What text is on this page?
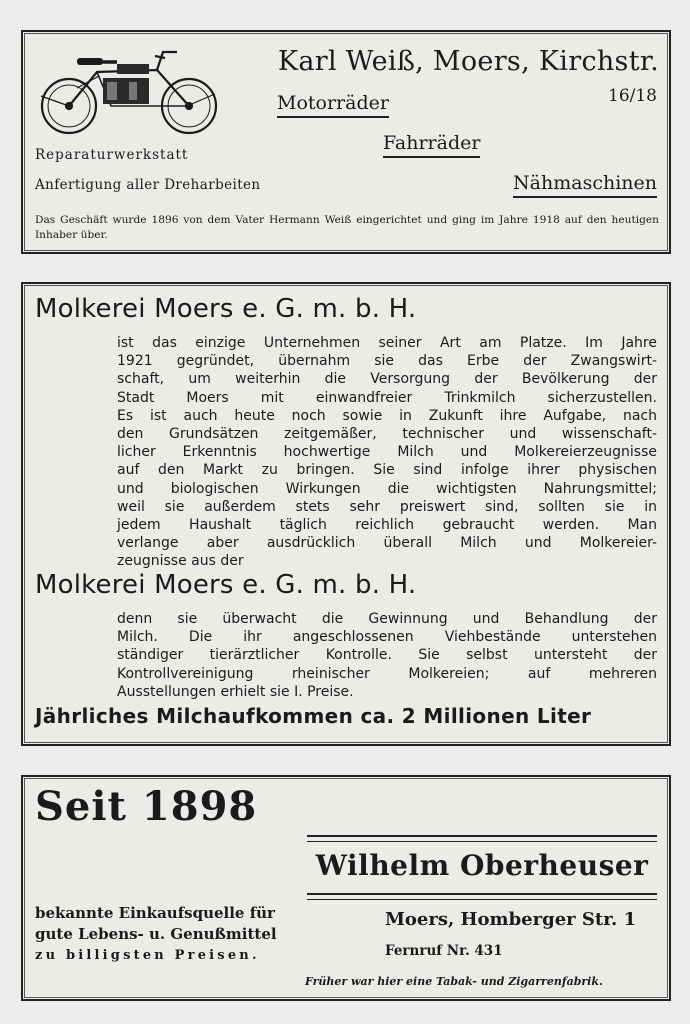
Karl Weiß, Moers, Kirchstr.
16/18
Motorräder
Fahrräder
Nähmaschinen
Reparaturwerkstatt
Anfertigung aller Dreharbeiten
Das Geschäft wurde 1896 von dem Vater Hermann Weiß eingerichtet und ging im Jahre 1918 auf den heutigen Inhaber über.
Molkerei Moers e. G. m. b. H.
ist das einzige Unternehmen seiner Art am Platze. Im Jahre
1921 gegründet, übernahm sie das Erbe der Zwangswirt-
schaft, um weiterhin die Versorgung der Bevölkerung der
Stadt Moers mit einwandfreier Trinkmilch sicherzustellen.
Es ist auch heute noch sowie in Zukunft ihre Aufgabe, nach
den Grundsätzen zeitgemäßer, technischer und wissenschaft-
licher Erkenntnis hochwertige Milch und Molkereierzeugnisse
auf den Markt zu bringen. Sie sind infolge ihrer physischen
und biologischen Wirkungen die wichtigsten Nahrungsmittel;
weil sie außerdem stets sehr preiswert sind, sollten sie in
jedem Haushalt täglich reichlich gebraucht werden. Man
verlange aber ausdrücklich überall Milch und Molkereier-
zeugnisse aus der
Molkerei Moers e. G. m. b. H.
denn sie überwacht die Gewinnung und Behandlung der
Milch. Die ihr angeschlossenen Viehbestände unterstehen
ständiger tierärztlicher Kontrolle. Sie selbst untersteht der
Kontrollvereinigung rheinischer Molkereien; auf mehreren
Ausstellungen erhielt sie I. Preise.
Jährliches Milchaufkommen ca. 2 Millionen Liter
Seit 1898
Wilhelm Oberheuser
bekannte Einkaufsquelle für
gute Lebens- u. Genußmittel
zu billigsten Preisen.
Moers, Homberger Str. 1
Fernruf Nr. 431
Früher war hier eine Tabak- und Zigarrenfabrik.
